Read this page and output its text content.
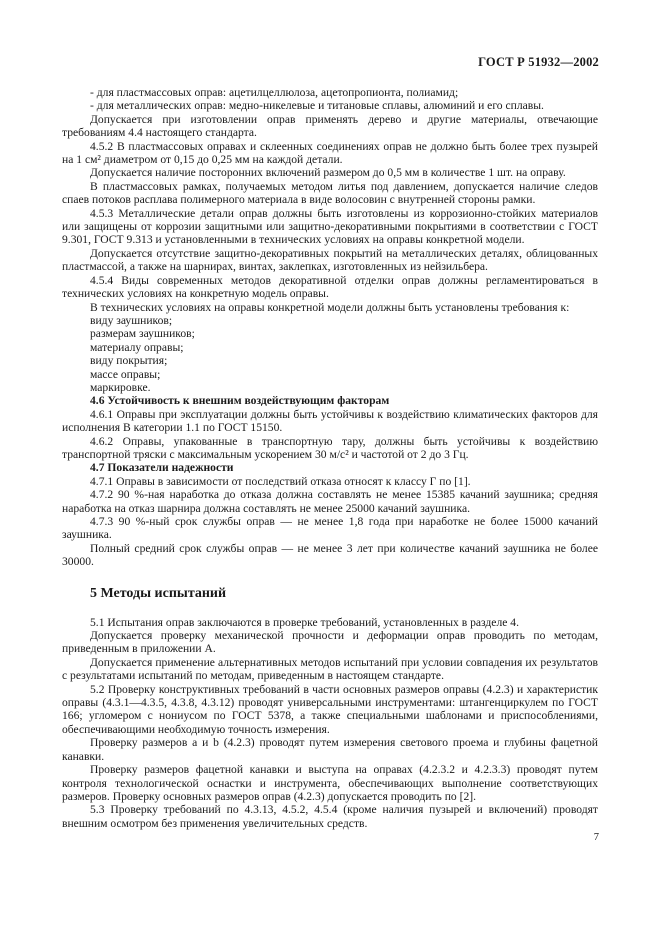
ГОСТ Р 51932—2002

- для пластмассовых оправ: ацетилцеллюлоза, ацетопропионта, полиамид;

- для металлических оправ: медно-никелевые и титановые сплавы, алюминий и его сплавы.

Допускается при изготовлении оправ применять дерево и другие материалы, отвечающие требованиям 4.4 настоящего стандарта.

4.5.2 В пластмассовых оправах и склеенных соединениях оправ не должно быть более трех пузырей на 1 см² диаметром от 0,15 до 0,25 мм на каждой детали.

Допускается наличие посторонних включений размером до 0,5 мм в количестве 1 шт. на оправу.

В пластмассовых рамках, получаемых методом литья под давлением, допускается наличие следов спаев потоков расплава полимерного материала в виде волосовин с внутренней стороны рамки.

4.5.3 Металлические детали оправ должны быть изготовлены из коррозионно-стойких материалов или защищены от коррозии защитными или защитно-декоративными покрытиями в соответствии с ГОСТ 9.301, ГОСТ 9.313 и установленными в технических условиях на оправы конкретной модели.

Допускается отсутствие защитно-декоративных покрытий на металлических деталях, облицованных пластмассой, а также на шарнирах, винтах, заклепках, изготовленных из нейзильбера.

4.5.4 Виды современных методов декоративной отделки оправ должны регламентироваться в технических условиях на конкретную модель оправы.

В технических условиях на оправы конкретной модели должны быть установлены требования к:

виду заушников;

размерам заушников;

материалу оправы;

виду покрытия;

массе оправы;

маркировке.

4.6 Устойчивость к внешним воздействующим факторам

4.6.1 Оправы при эксплуатации должны быть устойчивы к воздействию климатических факторов для исполнения В категории 1.1 по ГОСТ 15150.

4.6.2 Оправы, упакованные в транспортную тару, должны быть устойчивы к воздействию транспортной тряски с максимальным ускорением 30 м/с² и частотой от 2 до 3 Гц.

4.7 Показатели надежности

4.7.1 Оправы в зависимости от последствий отказа относят к классу Г по [1].

4.7.2 90 %-ная наработка до отказа должна составлять не менее 15385 качаний заушника; средняя наработка на отказ шарнира должна составлять не менее 25000 качаний заушника.

4.7.3 90 %-ный срок службы оправ — не менее 1,8 года при наработке не более 15000 качаний заушника.

Полный средний срок службы оправ — не менее 3 лет при количестве качаний заушника не более 30000.

5 Методы испытаний

5.1 Испытания оправ заключаются в проверке требований, установленных в разделе 4.

Допускается проверку механической прочности и деформации оправ проводить по методам, приведенным в приложении А.

Допускается применение альтернативных методов испытаний при условии совпадения их результатов с результатами испытаний по методам, приведенным в настоящем стандарте.

5.2 Проверку конструктивных требований в части основных размеров оправы (4.2.3) и характеристик оправы (4.3.1—4.3.5, 4.3.8, 4.3.12) проводят универсальными инструментами: штангенциркулем по ГОСТ 166; угломером с нониусом по ГОСТ 5378, а также специальными шаблонами и приспособлениями, обеспечивающими необходимую точность измерения.

Проверку размеров a и b (4.2.3) проводят путем измерения светового проема и глубины фацетной канавки.

Проверку размеров фацетной канавки и выступа на оправах (4.2.3.2 и 4.2.3.3) проводят путем контроля технологической оснастки и инструмента, обеспечивающих выполнение соответствующих размеров. Проверку основных размеров оправ (4.2.3) допускается проводить по [2].

5.3 Проверку требований по 4.3.13, 4.5.2, 4.5.4 (кроме наличия пузырей и включений) проводят внешним осмотром без применения увеличительных средств.

7
